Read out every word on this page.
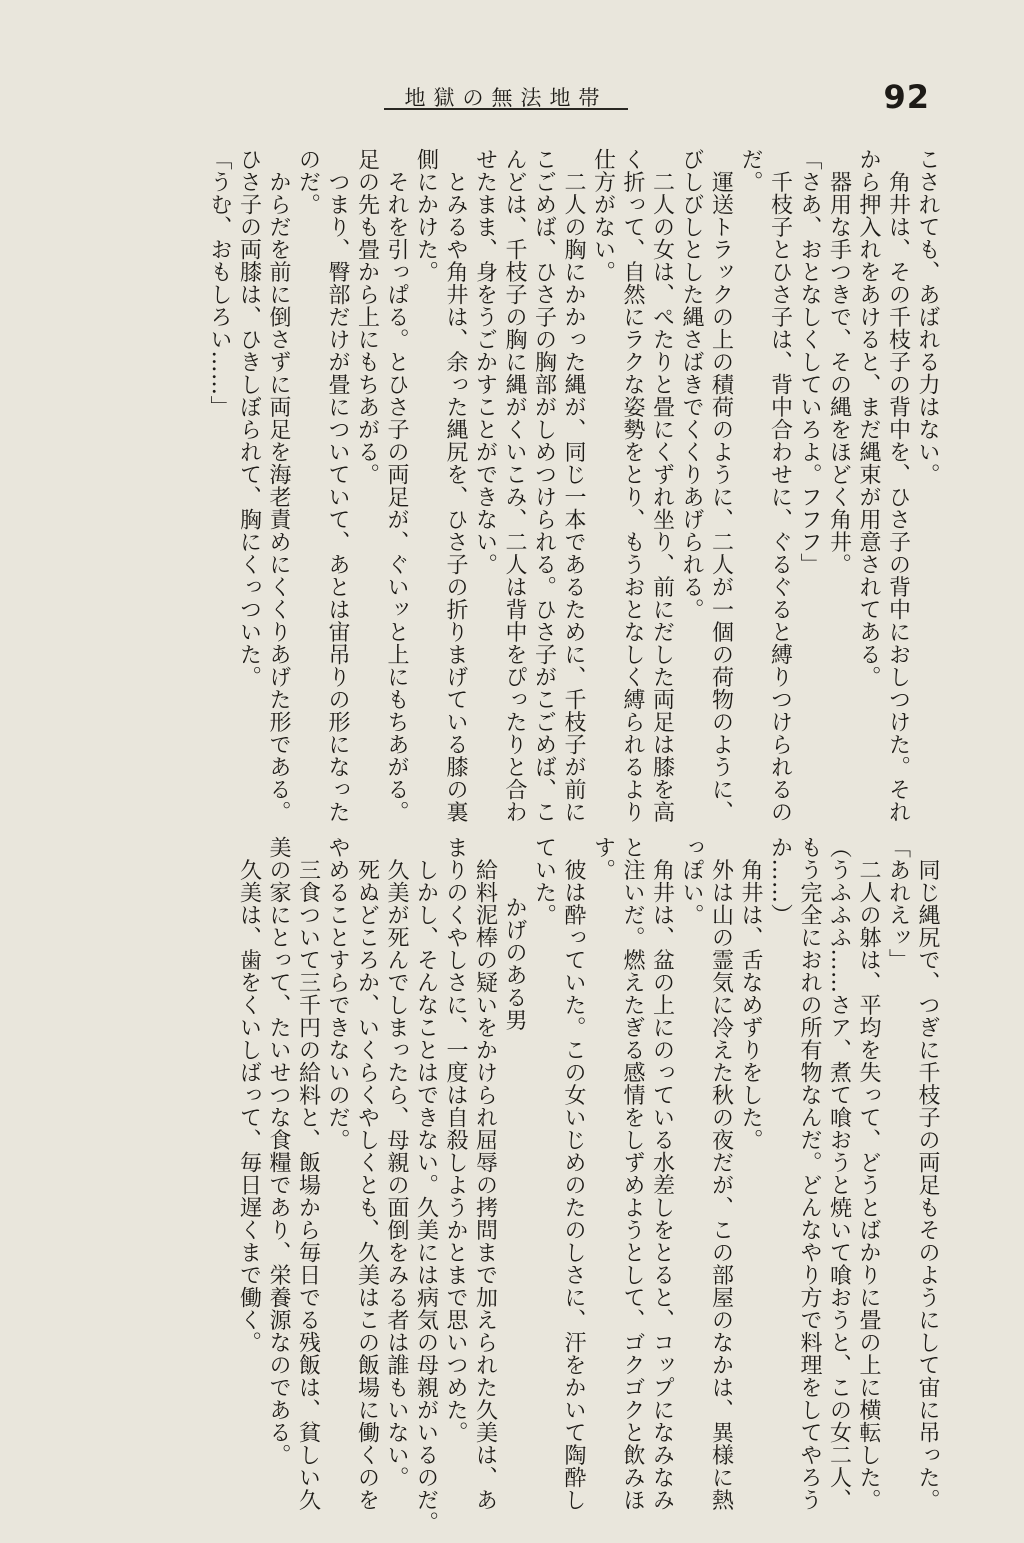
地獄の無法地帯	92

こされても、あばれる力はない。

　角井は、その千枝子の背中を、ひさ子の背中におしつけた。それ

から押入れをあけると、まだ縄束が用意されてある。

　器用な手つきで、その縄をほどく角井。

「さあ、おとなしくしていろよ。フフフ」

　千枝子とひさ子は、背中合わせに、ぐるぐると縛りつけられるの

だ。

　運送トラックの上の積荷のように、二人が一個の荷物のように、

びしびしとした縄さばきでくくりあげられる。

　二人の女は、ぺたりと畳にくずれ坐り、前にだした両足は膝を高

く折って、自然にラクな姿勢をとり、もうおとなしく縛られるより

仕方がない。

　二人の胸にかかった縄が、同じ一本であるために、千枝子が前に

こごめば、ひさ子の胸部がしめつけられる。ひさ子がこごめば、こ

んどは、千枝子の胸に縄がくいこみ、二人は背中をぴったりと合わ

せたまま、身をうごかすことができない。

　とみるや角井は、余った縄尻を、ひさ子の折りまげている膝の裏

側にかけた。

　それを引っぱる。とひさ子の両足が、ぐいッと上にもちあがる。

足の先も畳から上にもちあがる。

　つまり、臀部だけが畳についていて、あとは宙吊りの形になった

のだ。

　からだを前に倒さずに両足を海老責めにくくりあげた形である。

ひさ子の両膝は、ひきしぼられて、胸にくっついた。

「うむ、おもしろい……」

　同じ縄尻で、つぎに千枝子の両足もそのようにして宙に吊った。

「あれえッ」

　二人の躰は、平均を失って、どうとばかりに畳の上に横転した。

（うふふふ……さア、煮て喰おうと焼いて喰おうと、この女二人、

もう完全におれの所有物なんだ。どんなやり方で料理をしてやろう

か……）

　角井は、舌なめずりをした。

　外は山の霊気に冷えた秋の夜だが、この部屋のなかは、異様に熱

っぽい。

　角井は、盆の上にのっている水差しをとると、コップになみなみ

と注いだ。燃えたぎる感情をしずめようとして、ゴクゴクと飲みほ

す。

　彼は酔っていた。この女いじめのたのしさに、汗をかいて陶酔し

ていた。

かげのある男

　給料泥棒の疑いをかけられ屈辱の拷問まで加えられた久美は、あ

まりのくやしさに、一度は自殺しようかとまで思いつめた。

　しかし、そんなことはできない。久美には病気の母親がいるのだ。

　久美が死んでしまったら、母親の面倒をみる者は誰もいない。

　死ぬどころか、いくらくやしくとも、久美はこの飯場に働くのを

やめることすらできないのだ。

　三食ついて三千円の給料と、飯場から毎日でる残飯は、貧しい久

美の家にとって、たいせつな食糧であり、栄養源なのである。

　久美は、歯をくいしばって、毎日遅くまで働く。
